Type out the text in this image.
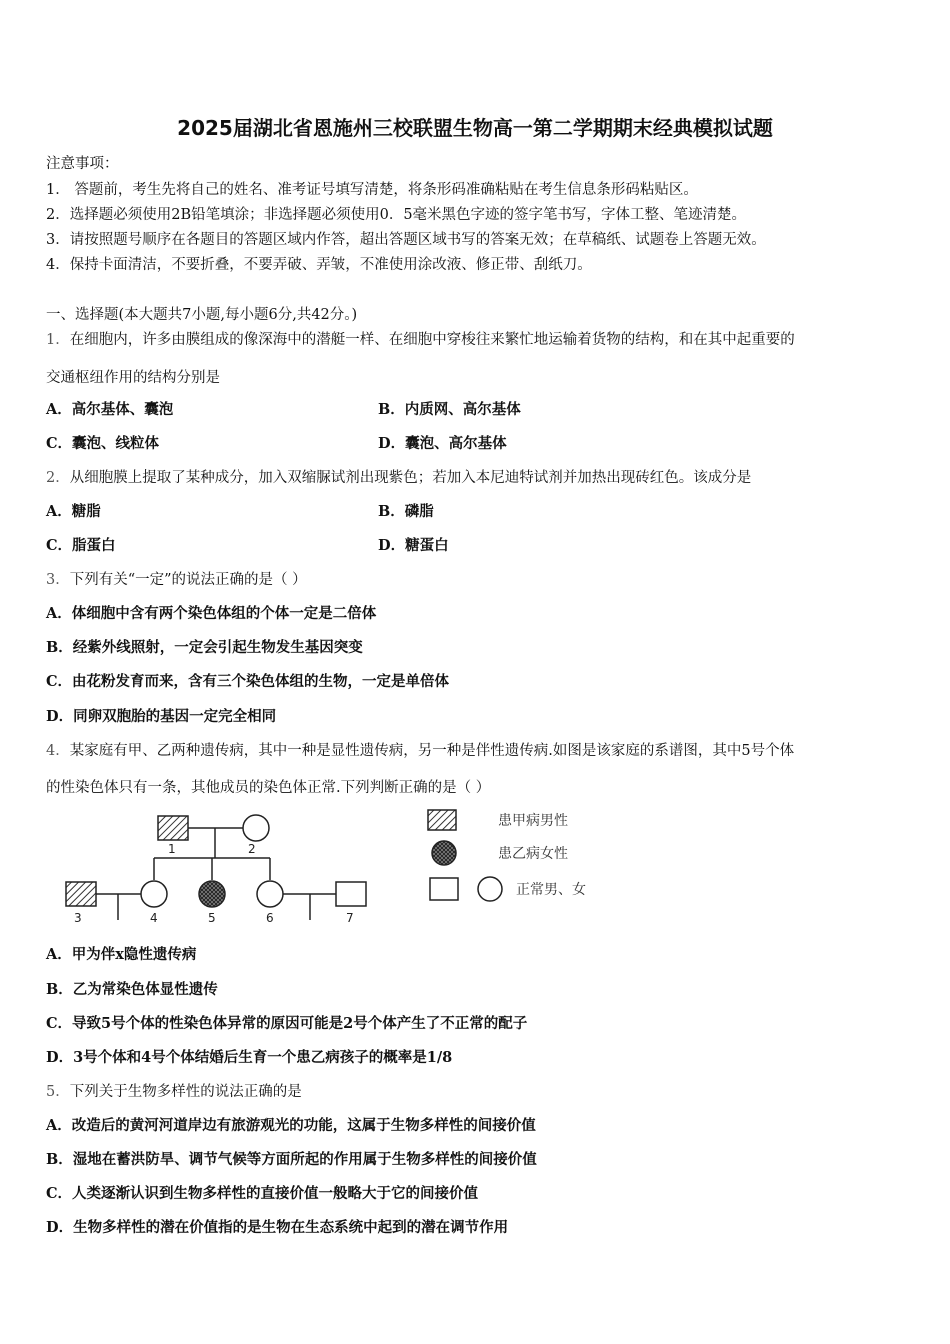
2025届湖北省恩施州三校联盟生物高一第二学期期末经典模拟试题
注意事项：
1． 答题前，考生先将自己的姓名、准考证号填写清楚，将条形码准确粘贴在考生信息条形码粘贴区。
2．选择题必须使用2B铅笔填涂；非选择题必须使用0．5毫米黑色字迹的签字笔书写，字体工整、笔迹清楚。
3．请按照题号顺序在各题目的答题区域内作答，超出答题区域书写的答案无效；在草稿纸、试题卷上答题无效。
4．保持卡面清洁，不要折叠，不要弄破、弄皱，不准使用涂改液、修正带、刮纸刀。
一、选择题(本大题共7小题,每小题6分,共42分。)
1．在细胞内，许多由膜组成的像深海中的潜艇一样、在细胞中穿梭往来繁忙地运输着货物的结构，和在其中起重要的
交通枢纽作用的结构分别是
A．高尔基体、囊泡	B．内质网、高尔基体
C．囊泡、线粒体	D．囊泡、高尔基体
2．从细胞膜上提取了某种成分，加入双缩脲试剂出现紫色；若加入本尼迪特试剂并加热出现砖红色。该成分是
A．糖脂	B．磷脂
C．脂蛋白	D．糖蛋白
3．下列有关“一定”的说法正确的是（ ）
A．体细胞中含有两个染色体组的个体一定是二倍体
B．经紫外线照射，一定会引起生物发生基因突变
C．由花粉发育而来，含有三个染色体组的生物，一定是单倍体
D．同卵双胞胎的基因一定完全相同
4．某家庭有甲、乙两种遗传病，其中一种是显性遗传病，另一种是伴性遗传病.如图是该家庭的系谱图，其中5号个体
的性染色体只有一条，其他成员的染色体正常.下列判断正确的是（ ）
1	2
3	4	5	6	7
患甲病男性
患乙病女性
正常男、女
A．甲为伴x隐性遗传病
B．乙为常染色体显性遗传
C．导致5号个体的性染色体异常的原因可能是2号个体产生了不正常的配子
D．3号个体和4号个体结婚后生育一个患乙病孩子的概率是1/8
5．下列关于生物多样性的说法正确的是
A．改造后的黄河河道岸边有旅游观光的功能，这属于生物多样性的间接价值
B．湿地在蓄洪防旱、调节气候等方面所起的作用属于生物多样性的间接价值
C．人类逐渐认识到生物多样性的直接价值一般略大于它的间接价值
D．生物多样性的潜在价值指的是生物在生态系统中起到的潜在调节作用
